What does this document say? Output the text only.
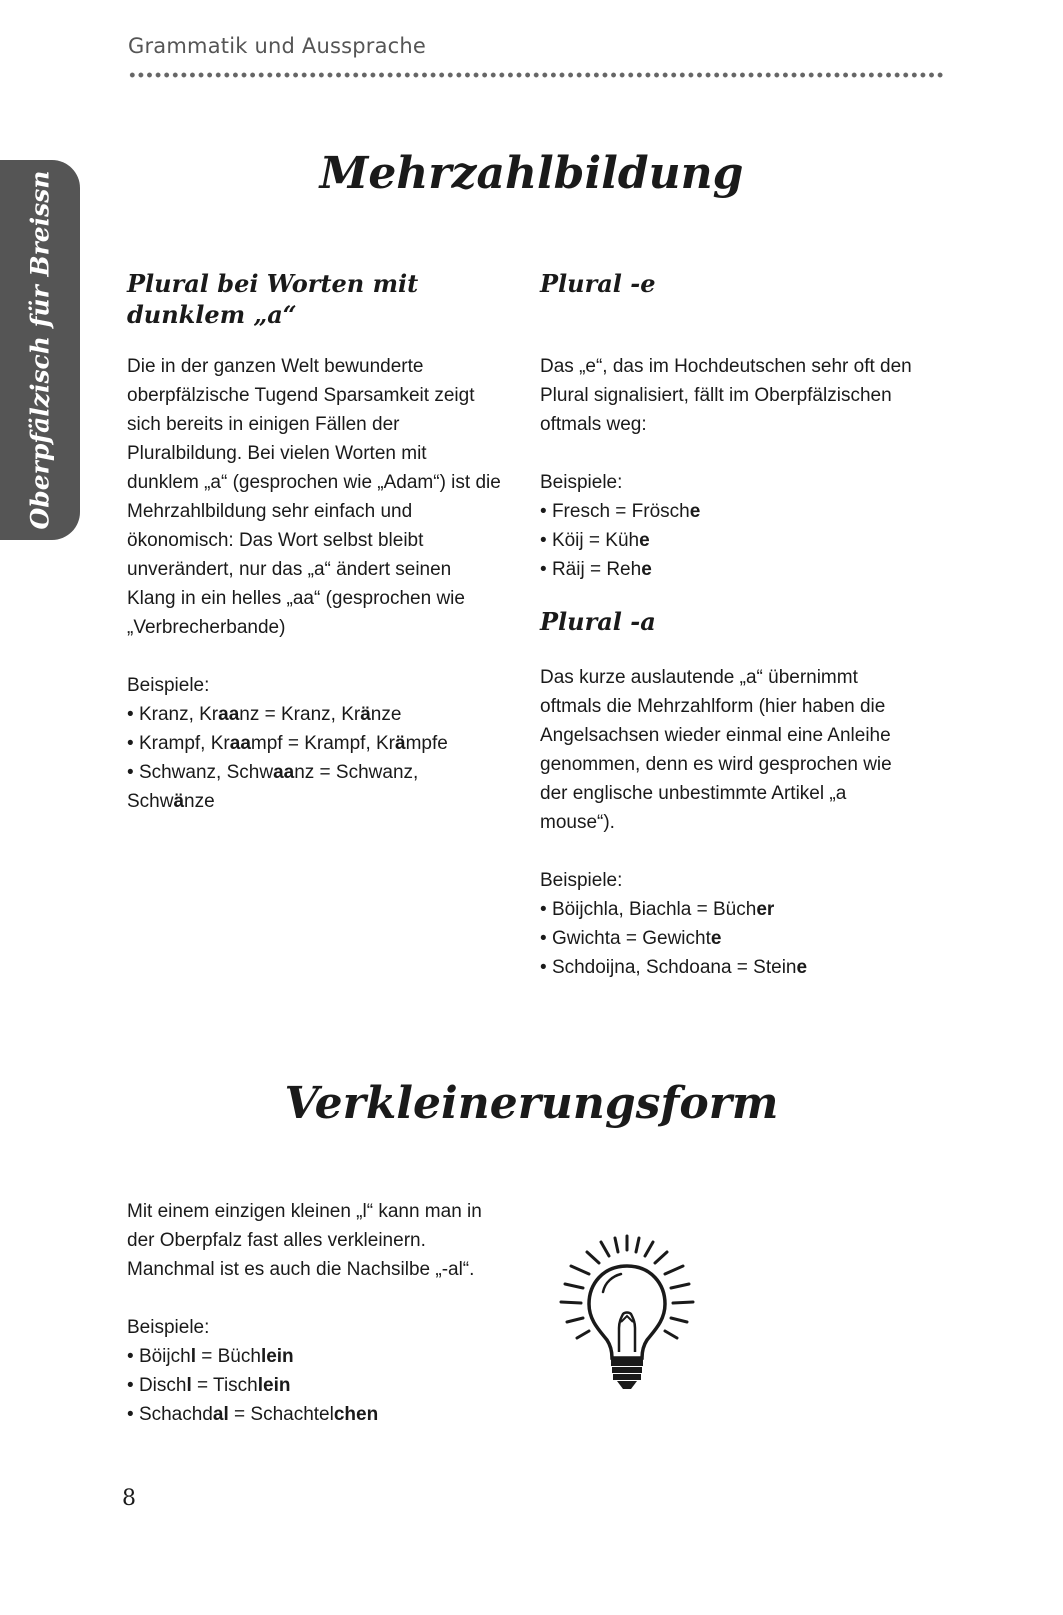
Grammatik und Aussprache
Oberpfälzisch für Breissn	Mehrzahlbildung
Plural bei Worten mit dunklem „a“

Die in der ganzen Welt bewunderte oberpfälzische Tugend Sparsamkeit zeigt sich bereits in einigen Fällen der Pluralbildung. Bei vielen Worten mit dunklem „a“ (gesprochen wie „Adam“) ist die Mehrzahlbildung sehr einfach und ökonomisch: Das Wort selbst bleibt unverändert, nur das „a“ ändert seinen Klang in ein helles „aa“ (gesprochen wie „Verbrecherbande)

Beispiele:

• Kranz, Kraanz = Kranz, Kränze
• Krampf, Kraampf = Krampf, Krämpfe
• Schwanz, Schwaanz = Schwanz, Schwänze
Plural -e

Das „e“, das im Hochdeutschen sehr oft den Plural signalisiert, fällt im Oberpfälzischen oftmals weg:

Beispiele:

• Fresch = Frösche
• Köij = Kühe
• Räij = Rehe
Plural -a

Das kurze auslautende „a“ übernimmt oftmals die Mehrzahlform (hier haben die Angelsachsen wieder einmal eine Anleihe genommen, denn es wird gesprochen wie der englische unbestimmte Artikel „a mouse“).

Beispiele:

• Böijchla, Biachla = Bücher
• Gwichta = Gewichte
• Schdoijna, Schdoana = Steine
Verkleinerungsform

Mit einem einzigen kleinen „l“ kann man in der Oberpfalz fast alles verkleinern. Manchmal ist es auch die Nachsilbe „-al“.

Beispiele:

• Böijchl = Büchlein
• Dischl = Tischlein
• Schachdal = Schachtelchen
8
